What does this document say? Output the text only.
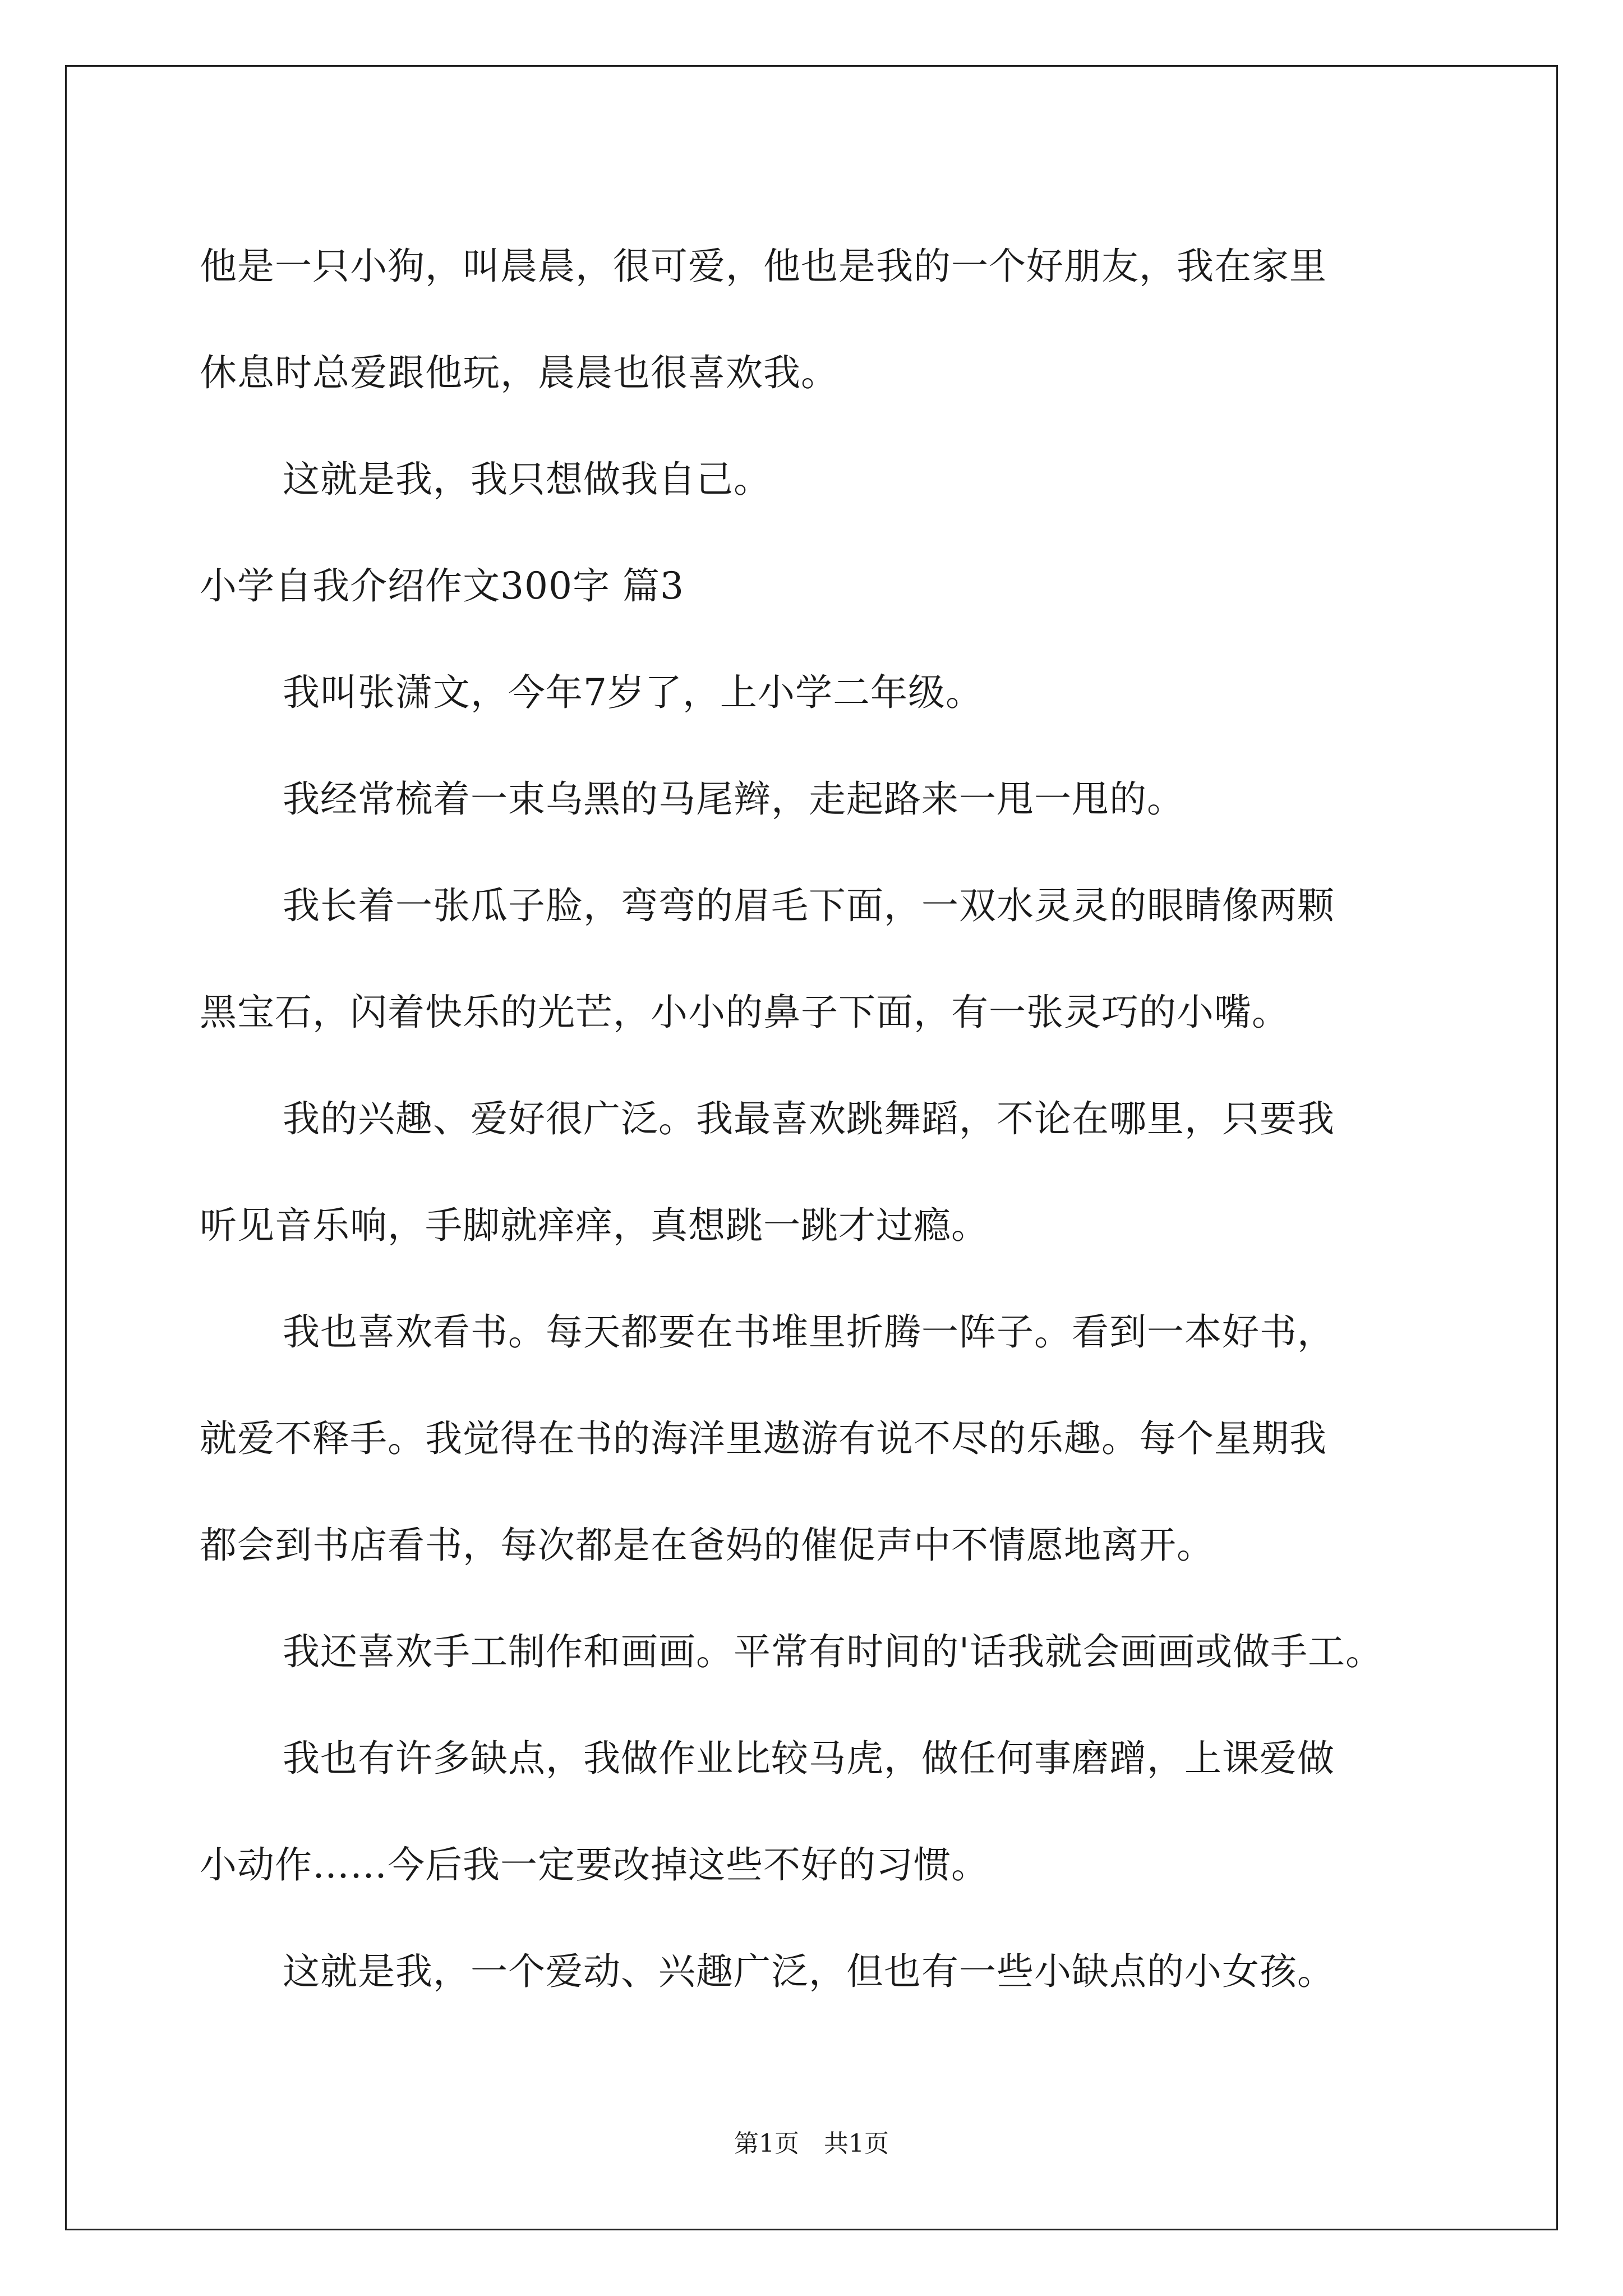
他是一只小狗，叫晨晨，很可爱，他也是我的一个好朋友，我在家里
休息时总爱跟他玩，晨晨也很喜欢我。
这就是我，我只想做我自己。
小学自我介绍作文300字 篇3
我叫张潇文，今年7岁了，上小学二年级。
我经常梳着一束乌黑的马尾辫，走起路来一甩一甩的。
我长着一张瓜子脸，弯弯的眉毛下面，一双水灵灵的眼睛像两颗
黑宝石，闪着快乐的光芒，小小的鼻子下面，有一张灵巧的小嘴。
我的兴趣、爱好很广泛。我最喜欢跳舞蹈，不论在哪里，只要我
听见音乐响，手脚就痒痒，真想跳一跳才过瘾。
我也喜欢看书。每天都要在书堆里折腾一阵子。看到一本好书，
就爱不释手。我觉得在书的海洋里遨游有说不尽的乐趣。每个星期我
都会到书店看书，每次都是在爸妈的催促声中不情愿地离开。
我还喜欢手工制作和画画。平常有时间的'话我就会画画或做手工。
我也有许多缺点，我做作业比较马虎，做任何事磨蹭，上课爱做
小动作……今后我一定要改掉这些不好的习惯。
这就是我，一个爱动、兴趣广泛，但也有一些小缺点的小女孩。
第1页　共1页
